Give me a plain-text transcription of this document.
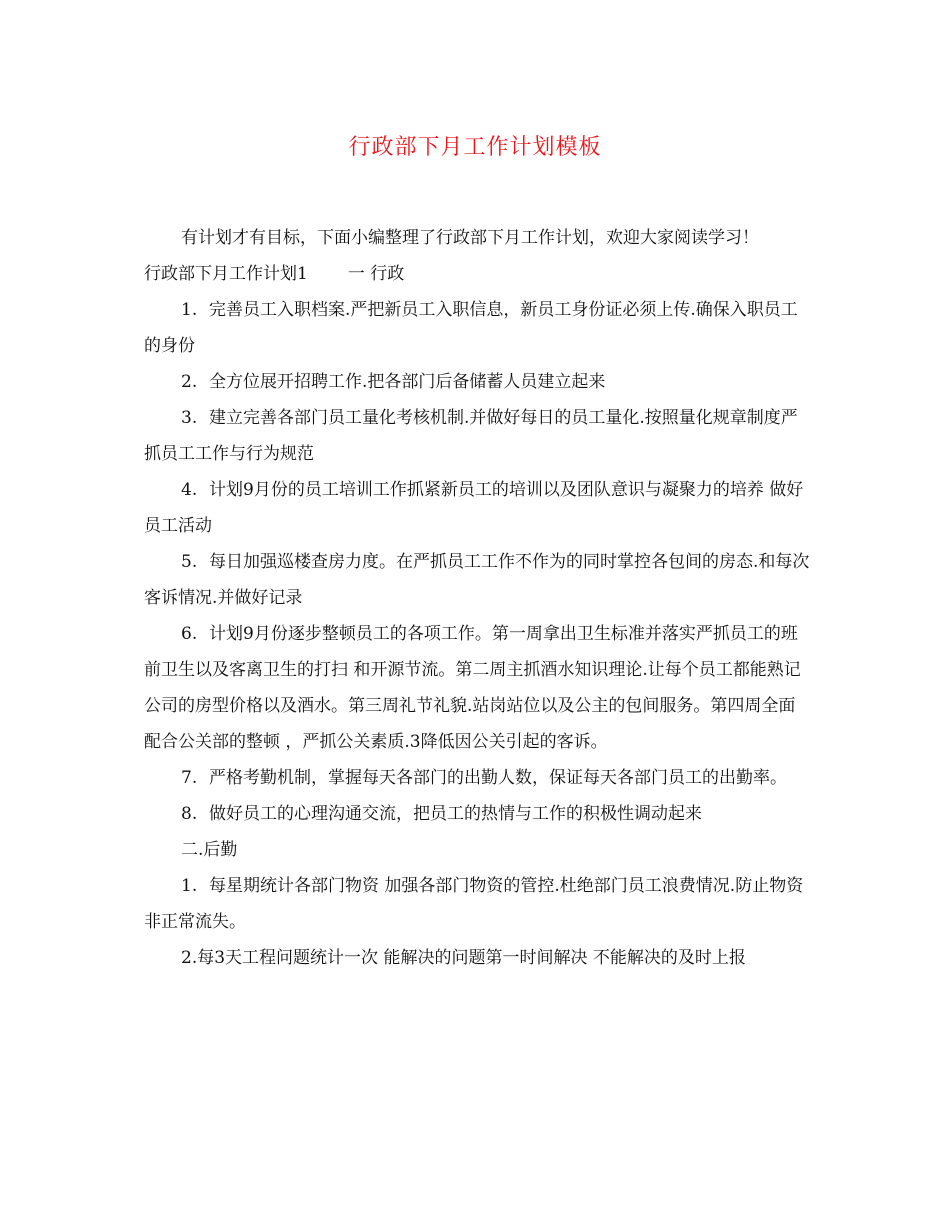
行政部下月工作计划模板

有计划才有目标，下面小编整理了行政部下月工作计划，欢迎大家阅读学习！

行政部下月工作计划1 一 行政

1. 完善员工入职档案.严把新员工入职信息，新员工身份证必须上传.确保入职员工的身份

2. 全方位展开招聘工作.把各部门后备储蓄人员建立起来

3. 建立完善各部门员工量化考核机制.并做好每日的员工量化.按照量化规章制度严抓员工工作与行为规范

4. 计划9月份的员工培训工作抓紧新员工的培训以及团队意识与凝聚力的培养 做好员工活动

5. 每日加强巡楼查房力度。在严抓员工工作不作为的同时掌控各包间的房态.和每次客诉情况.并做好记录

6. 计划9月份逐步整顿员工的各项工作。第一周拿出卫生标准并落实严抓员工的班前卫生以及客离卫生的打扫 和开源节流。第二周主抓酒水知识理论.让每个员工都能熟记公司的房型价格以及酒水。第三周礼节礼貌.站岗站位以及公主的包间服务。第四周全面配合公关部的整顿 ，严抓公关素质.3降低因公关引起的客诉。

7. 严格考勤机制，掌握每天各部门的出勤人数，保证每天各部门员工的出勤率。

8. 做好员工的心理沟通交流，把员工的热情与工作的积极性调动起来

二.后勤

1. 每星期统计各部门物资 加强各部门物资的管控.杜绝部门员工浪费情况.防止物资非正常流失。

2.每3天工程问题统计一次 能解决的问题第一时间解决 不能解决的及时上报
